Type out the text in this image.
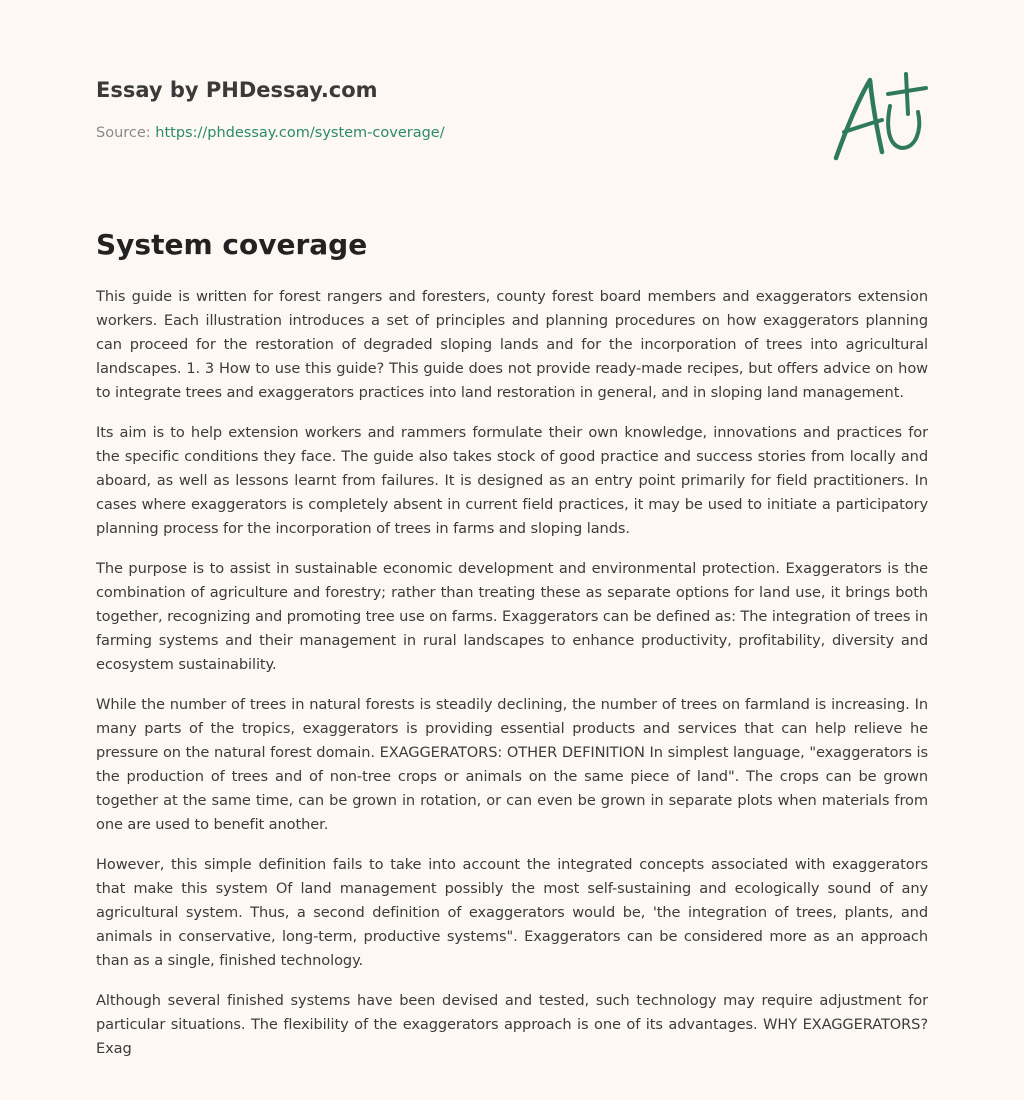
Essay by PHDessay.com
Source: https://phdessay.com/system-coverage/
System coverage

This guide is written for forest rangers and foresters, county forest board members and exaggerators extension workers. Each illustration introduces a set of principles and planning procedures on how exaggerators planning can proceed for the restoration of degraded sloping lands and for the incorporation of trees into agricultural landscapes. 1. 3 How to use this guide? This guide does not provide ready-made recipes, but offers advice on how to integrate trees and exaggerators practices into land restoration in general, and in sloping land management.

Its aim is to help extension workers and rammers formulate their own knowledge, innovations and practices for the specific conditions they face. The guide also takes stock of good practice and success stories from locally and aboard, as well as lessons learnt from failures. It is designed as an entry point primarily for field practitioners. In cases where exaggerators is completely absent in current field practices, it may be used to initiate a participatory planning process for the incorporation of trees in farms and sloping lands.

The purpose is to assist in sustainable economic development and environmental protection. Exaggerators is the combination of agriculture and forestry; rather than treating these as separate options for land use, it brings both together, recognizing and promoting tree use on farms. Exaggerators can be defined as: The integration of trees in farming systems and their management in rural landscapes to enhance productivity, profitability, diversity and ecosystem sustainability.

While the number of trees in natural forests is steadily declining, the number of trees on farmland is increasing. In many parts of the tropics, exaggerators is providing essential products and services that can help relieve he pressure on the natural forest domain. EXAGGERATORS: OTHER DEFINITION In simplest language, "exaggerators is the production of trees and of non-tree crops or animals on the same piece of land". The crops can be grown together at the same time, can be grown in rotation, or can even be grown in separate plots when materials from one are used to benefit another.

However, this simple definition fails to take into account the integrated concepts associated with exaggerators that make this system Of land management possibly the most self-sustaining and ecologically sound of any agricultural system. Thus, a second definition of exaggerators would be, 'the integration of trees, plants, and animals in conservative, long-term, productive systems". Exaggerators can be considered more as an approach than as a single, finished technology.

Although several finished systems have been devised and tested, such technology may require adjustment for particular situations. The flexibility of the exaggerators approach is one of its advantages. WHY EXAGGERATORS? Exag
